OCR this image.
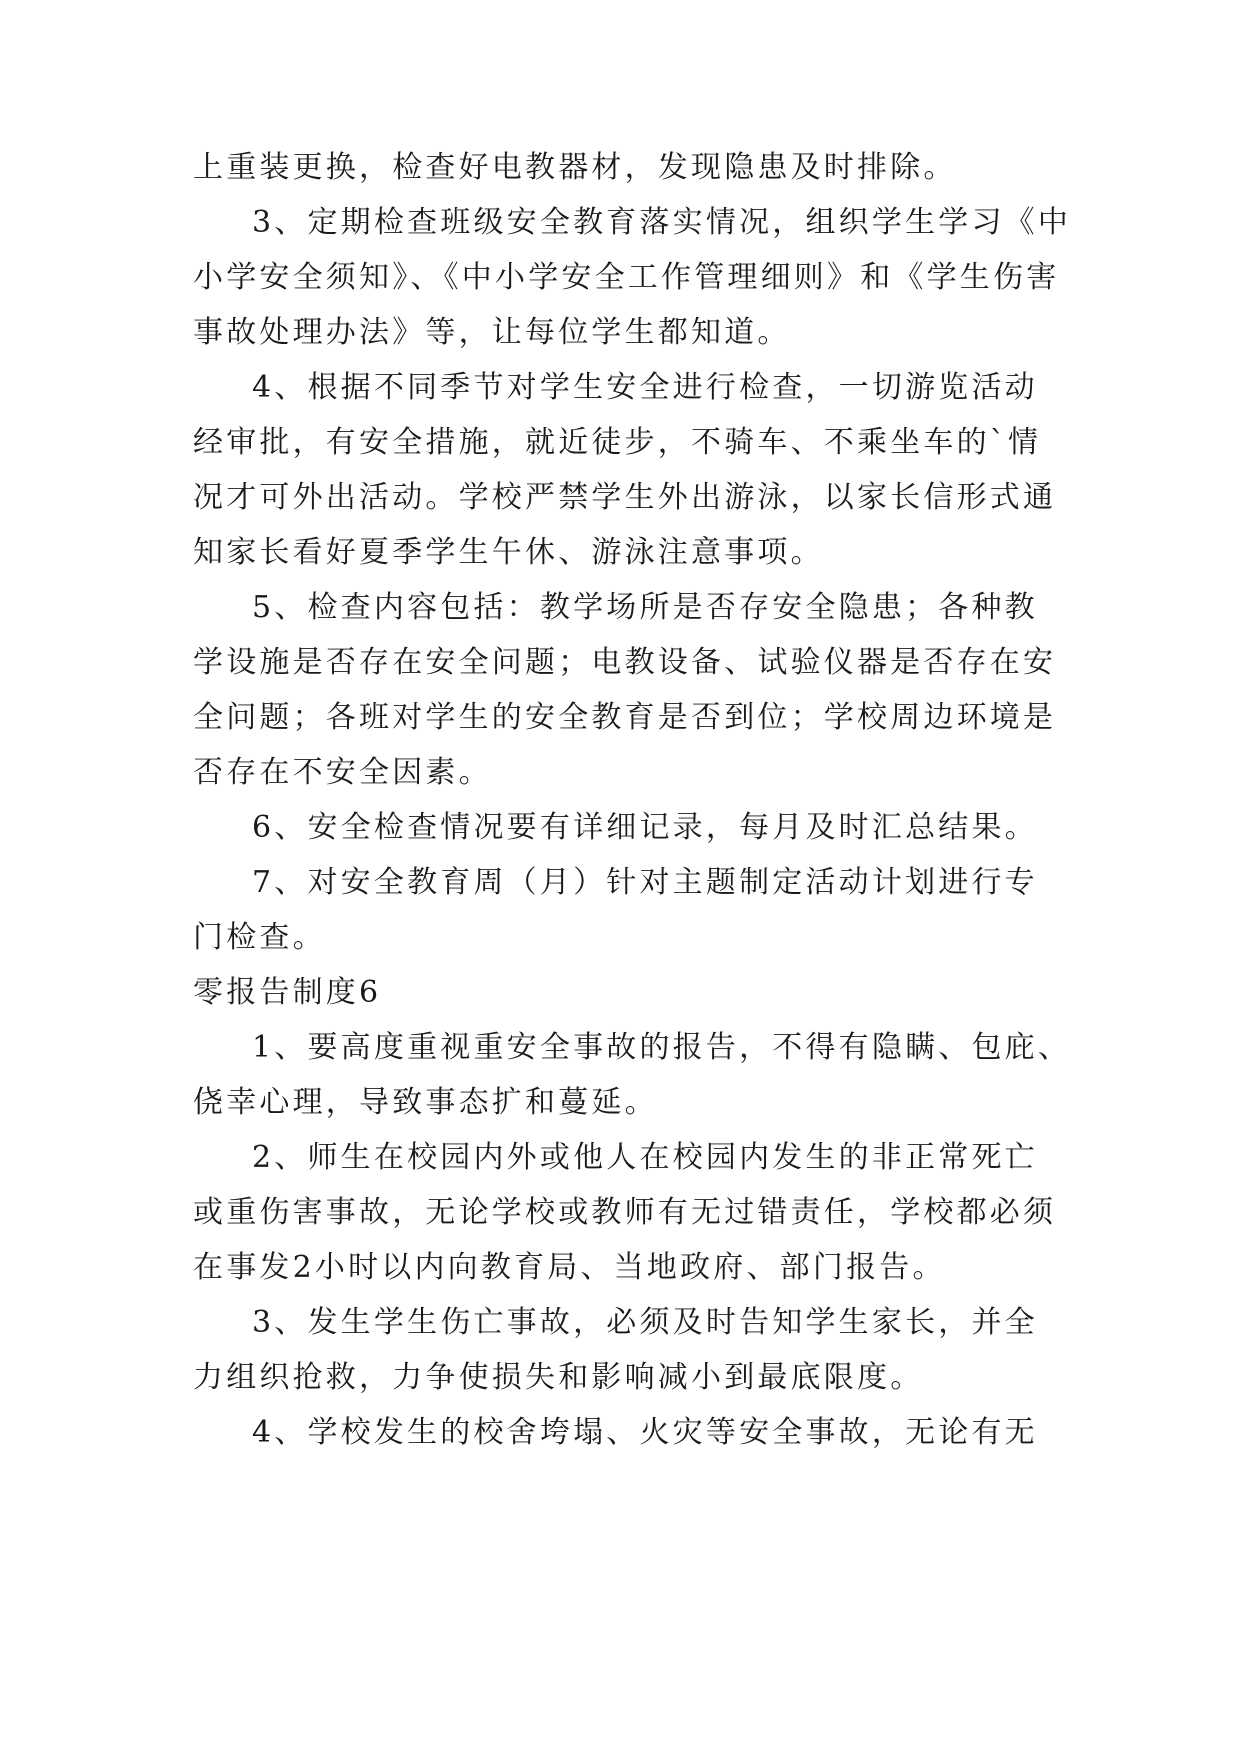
上重装更换，检查好电教器材，发现隐患及时排除。
3、定期检查班级安全教育落实情况，组织学生学习《中
小学安全须知》、《中小学安全工作管理细则》和《学生伤害
事故处理办法》等，让每位学生都知道。
4、根据不同季节对学生安全进行检查，一切游览活动
经审批，有安全措施，就近徒步，不骑车、不乘坐车的`情
况才可外出活动。学校严禁学生外出游泳，以家长信形式通
知家长看好夏季学生午休、游泳注意事项。
5、检查内容包括：教学场所是否存安全隐患；各种教
学设施是否存在安全问题；电教设备、试验仪器是否存在安
全问题；各班对学生的安全教育是否到位；学校周边环境是
否存在不安全因素。
6、安全检查情况要有详细记录，每月及时汇总结果。
7、对安全教育周（月）针对主题制定活动计划进行专
门检查。
零报告制度6
1、要高度重视重安全事故的报告，不得有隐瞒、包庇、
侥幸心理，导致事态扩和蔓延。
2、师生在校园内外或他人在校园内发生的非正常死亡
或重伤害事故，无论学校或教师有无过错责任，学校都必须
在事发2小时以内向教育局、当地政府、部门报告。
3、发生学生伤亡事故，必须及时告知学生家长，并全
力组织抢救，力争使损失和影响减小到最底限度。
4、学校发生的校舍垮塌、火灾等安全事故，无论有无
